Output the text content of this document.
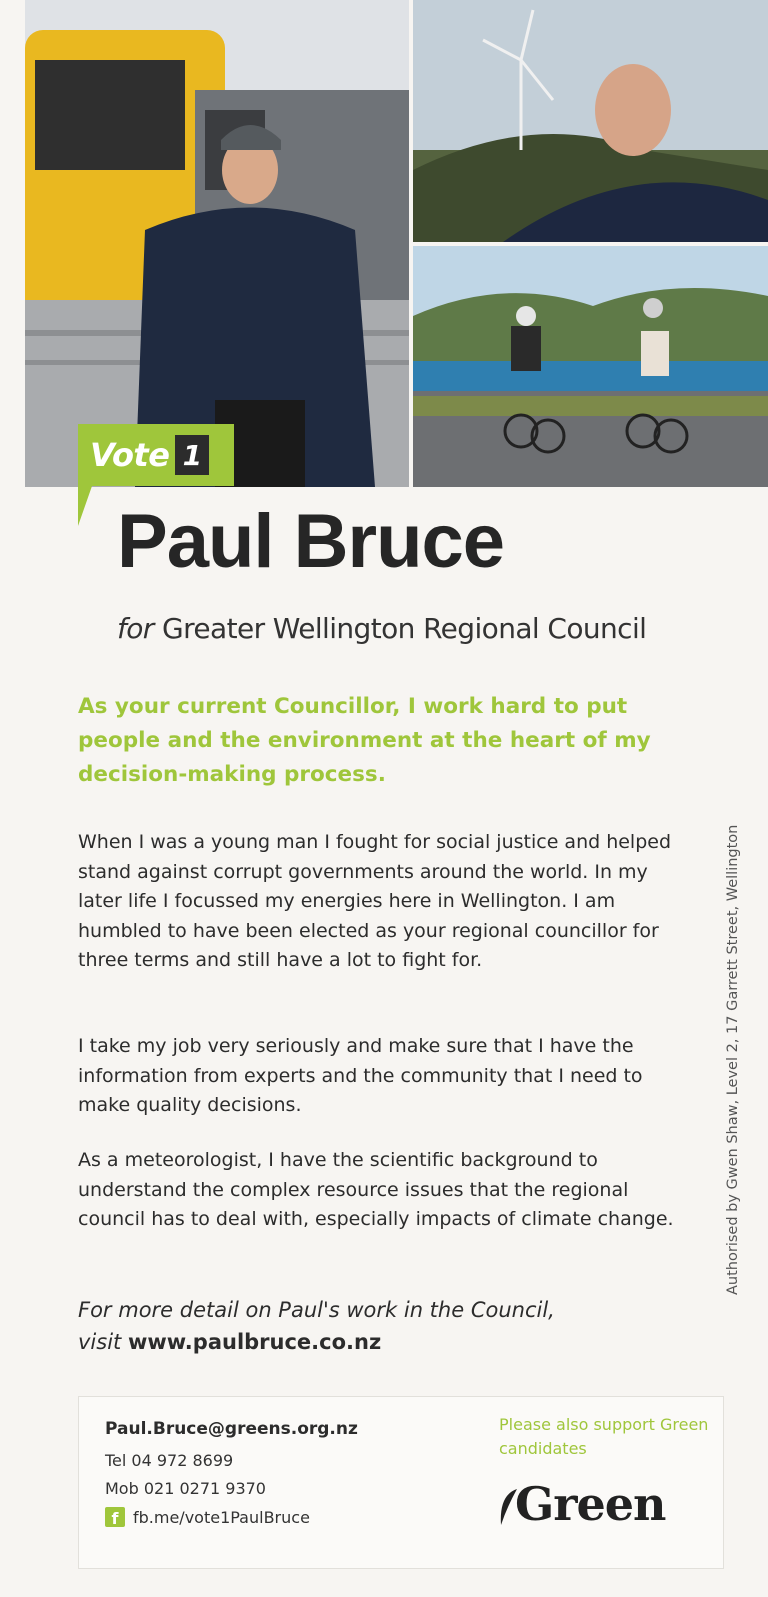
Vote 1
Paul Bruce
for Greater Wellington Regional Council

As your current Councillor, I work hard to put people and the environment at the heart of my decision-making process.

When I was a young man I fought for social justice and helped stand against corrupt governments around the world. In my later life I focussed my energies here in Wellington. I am humbled to have been elected as your regional councillor for three terms and still have a lot to fight for.

I take my job very seriously and make sure that I have the information from experts and the community that I need to make quality decisions.

As a meteorologist, I have the scientific background to understand the complex resource issues that the regional council has to deal with, especially impacts of climate change.

For more detail on Paul's work in the Council,
visit www.paulbruce.co.nz

Authorised by Gwen Shaw, Level 2, 17 Garrett Street, Wellington
Paul.Bruce@greens.org.nz
Tel 04 972 8699
Mob 021 0271 9370
f fb.me/vote1PaulBruce
Please also support Green candidates
Green
